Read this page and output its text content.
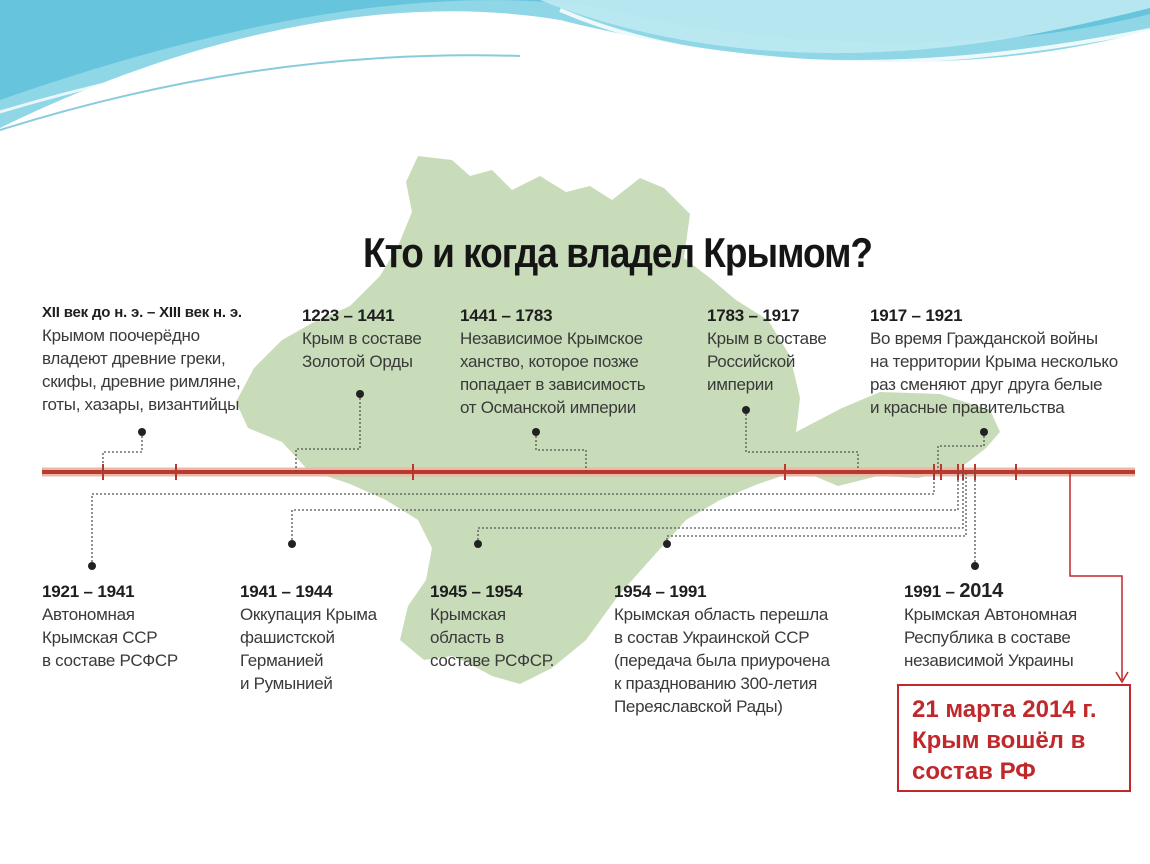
Кто и когда владел Крымом?
XII век до н. э. – XIII век н. э.
Крымом поочерёдно
владеют древние греки,
скифы, древние римляне,
готы, хазары, византийцы
1223 – 1441
Крым в составе
Золотой Орды
1441 – 1783
Независимое Крымское
ханство, которое позже
попадает в зависимость
от Османской империи
1783 – 1917
Крым в составе
Российской
империи
1917 – 1921
Во время Гражданской войны
на территории Крыма несколько
раз сменяют друг друга белые
и красные правительства
1921 – 1941
Автономная
Крымская ССР
в составе РСФСР
1941 – 1944
Оккупация Крыма
фашистской
Германией
и Румынией
1945 – 1954
Крымская
область в
составе РСФСР.
1954 – 1991
Крымская область перешла
в состав Украинской ССР
(передача была приурочена
к празднованию 300-летия
Переяславской Рады)
1991 – 2014
Крымская Автономная
Республика в составе
независимой Украины
21 марта 2014 г.
Крым вошёл в
состав РФ
